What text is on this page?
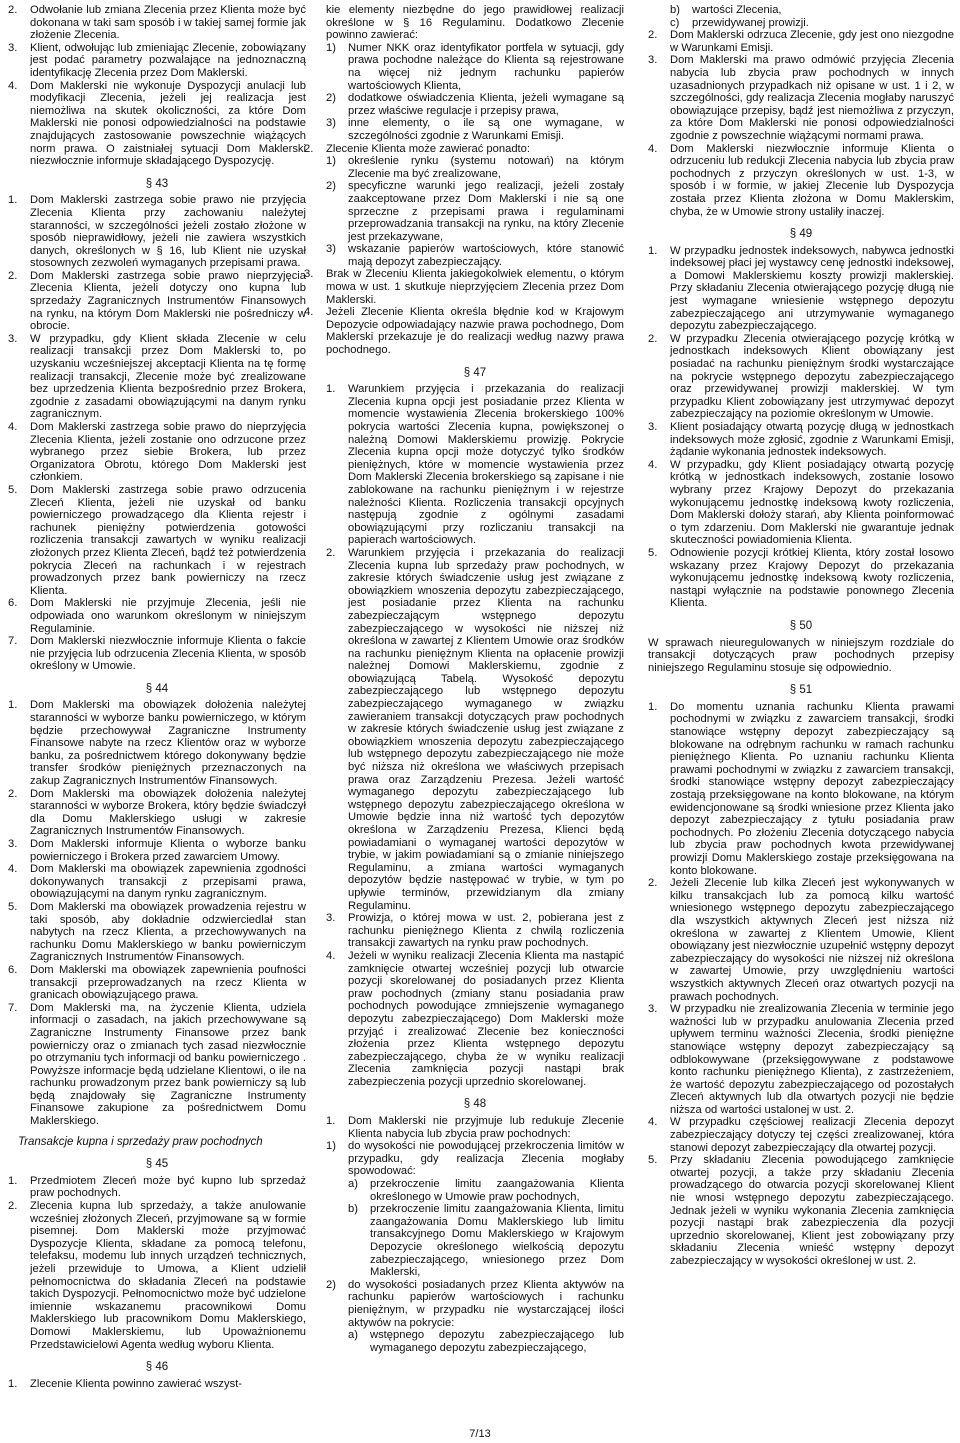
2. Odwołanie lub zmiana Zlecenia przez Klienta może być dokonana w taki sam sposób i w takiej samej formie jak złożenie Zlecenia.

3. Klient, odwołując lub zmieniając Zlecenie, zobowiązany jest podać parametry pozwalające na jednoznaczną identyfikację Zlecenia przez Dom Maklerski.

4. Dom Maklerski nie wykonuje Dyspozycji anulacji lub modyfikacji Zlecenia, jeżeli jej realizacja jest niemożliwa na skutek okoliczności, za które Dom Maklerski nie ponosi odpowiedzialności na podstawie znajdujących zastosowanie powszechnie wiążących norm prawa. O zaistniałej sytuacji Dom Maklerski niezwłocznie informuje składającego Dyspozycję.

§ 43

1. Dom Maklerski zastrzega sobie prawo nie przyjęcia Zlecenia Klienta przy zachowaniu należytej staranności, w szczególności jeżeli zostało złożone w sposób nieprawidłowy, jeżeli nie zawiera wszystkich danych, określonych w § 16, lub Klient nie uzyskał stosownych zezwoleń wymaganych przepisami prawa.

2. Dom Maklerski zastrzega sobie prawo nieprzyjęcia Zlecenia Klienta, jeżeli dotyczy ono kupna lub sprzedaży Zagranicznych Instrumentów Finansowych na rynku, na którym Dom Maklerski nie pośredniczy w obrocie.

3. W przypadku, gdy Klient składa Zlecenie w celu realizacji transakcji przez Dom Maklerski to, po uzyskaniu wcześniejszej akceptacji Klienta na tę formę realizacji transakcji, Zlecenie może być zrealizowane bez uprzedzenia Klienta bezpośrednio przez Brokera, zgodnie z zasadami obowiązującymi na danym rynku zagranicznym.

4. Dom Maklerski zastrzega sobie prawo do nieprzyjęcia Zlecenia Klienta, jeżeli zostanie ono odrzucone przez wybranego przez siebie Brokera, lub przez Organizatora Obrotu, którego Dom Maklerski jest członkiem.

5. Dom Maklerski zastrzega sobie prawo odrzucenia Zleceń Klienta, jeżeli nie uzyskał od banku powierniczego prowadzącego dla Klienta rejestr i rachunek pieniężny potwierdzenia gotowości rozliczenia transakcji zawartych w wyniku realizacji złożonych przez Klienta Zleceń, bądź też potwierdzenia pokrycia Zleceń na rachunkach i w rejestrach prowadzonych przez bank powierniczy na rzecz Klienta.

6. Dom Maklerski nie przyjmuje Zlecenia, jeśli nie odpowiada ono warunkom określonym w niniejszym Regulaminie.

7. Dom Maklerski niezwłocznie informuje Klienta o fakcie nie przyjęcia lub odrzucenia Zlecenia Klienta, w sposób określony w Umowie.

§ 44

1. Dom Maklerski ma obowiązek dołożenia należytej staranności w wyborze banku powierniczego, w którym będzie przechowywał Zagraniczne Instrumenty Finansowe nabyte na rzecz Klientów oraz w wyborze banku, za pośrednictwem którego dokonywany będzie transfer środków pieniężnych przeznaczonych na zakup Zagranicznych Instrumentów Finansowych.

2. Dom Maklerski ma obowiązek dołożenia należytej staranności w wyborze Brokera, który będzie świadczył dla Domu Maklerskiego usługi w zakresie Zagranicznych Instrumentów Finansowych.

3. Dom Maklerski informuje Klienta o wyborze banku powierniczego i Brokera przed zawarciem Umowy.

4. Dom Maklerski ma obowiązek zapewnienia zgodności dokonywanych transakcji z przepisami prawa, obowiązującymi na danym rynku zagranicznym.

5. Dom Maklerski ma obowiązek prowadzenia rejestru w taki sposób, aby dokładnie odzwierciedlał stan nabytych na rzecz Klienta, a przechowywanych na rachunku Domu Maklerskiego w banku powierniczym Zagranicznych Instrumentów Finansowych.

6. Dom Maklerski ma obowiązek zapewnienia poufności transakcji przeprowadzanych na rzecz Klienta w granicach obowiązującego prawa.

7. Dom Maklerski ma, na życzenie Klienta, udziela informacji o zasadach, na jakich przechowywane są Zagraniczne Instrumenty Finansowe przez bank powierniczy oraz o zmianach tych zasad niezwłocznie po otrzymaniu tych informacji od banku powierniczego . Powyższe informacje będą udzielane Klientowi, o ile na rachunku prowadzonym przez bank powierniczy są lub będą znajdowały się Zagraniczne Instrumenty Finansowe zakupione za pośrednictwem Domu Maklerskiego.

Transakcje kupna i sprzedaży praw pochodnych
§ 45

1. Przedmiotem Zleceń może być kupno lub sprzedaż praw pochodnych.

2. Zlecenia kupna lub sprzedaży, a także anulowanie wcześniej złożonych Zleceń, przyjmowane są w formie pisemnej. Dom Maklerski może przyjmować Dyspozycje Klienta, składane za pomocą telefonu, telefaksu, modemu lub innych urządzeń technicznych, jeżeli przewiduje to Umowa, a Klient udzielił pełnomocnictwa do składania Zleceń na podstawie takich Dyspozycji. Pełnomocnictwo może być udzielone imiennie wskazanemu pracownikowi Domu Maklerskiego lub pracownikom Domu Maklerskiego, Domowi Maklerskiemu, lub Upoważnionemu Przedstawicielowi Agenta według wyboru Klienta.

§ 46

1. Zlecenie Klienta powinno zawierać wszyst-

kie elementy niezbędne do jego prawidłowej realizacji określone w § 16 Regulaminu. Dodatkowo Zlecenie powinno zawierać:

1) Numer NKK oraz identyfikator portfela w sytuacji, gdy prawa pochodne należące do Klienta są rejestrowane na więcej niż jednym rachunku papierów wartościowych Klienta,

2) dodatkowe oświadczenia Klienta, jeżeli wymagane są przez właściwe regulacje i przepisy prawa,

3) inne elementy, o ile są one wymagane, w szczególności zgodnie z Warunkami Emisji.

2. Zlecenie Klienta może zawierać ponadto:

1) określenie rynku (systemu notowań) na którym Zlecenie ma być zrealizowane,

2) specyficzne warunki jego realizacji, jeżeli zostały zaakceptowane przez Dom Maklerski i nie są one sprzeczne z przepisami prawa i regulaminami przeprowadzania transakcji na rynku, na który Zlecenie jest przekazywane,

3) wskazanie papierów wartościowych, które stanowić mają depozyt zabezpieczający.

3. Brak w Zleceniu Klienta jakiegokolwiek elementu, o którym mowa w ust. 1 skutkuje nieprzyjęciem Zlecenia przez Dom Maklerski.

4. Jeżeli Zlecenie Klienta określa błędnie kod w Krajowym Depozycie odpowiadający nazwie prawa pochodnego, Dom Maklerski przekazuje je do realizacji według nazwy prawa pochodnego.

§ 47

1. Warunkiem przyjęcia i przekazania do realizacji Zlecenia kupna opcji jest posiadanie przez Klienta w momencie wystawienia Zlecenia brokerskiego 100% pokrycia wartości Zlecenia kupna, powiększonej o należną Domowi Maklerskiemu prowizję. Pokrycie Zlecenia kupna opcji może dotyczyć tylko środków pieniężnych, które w momencie wystawienia przez Dom Maklerski Zlecenia brokerskiego są zapisane i nie zablokowane na rachunku pieniężnym i w rejestrze należności Klienta. Rozliczenia transakcji opcyjnych następują zgodnie z ogólnymi zasadami obowiązującymi przy rozliczaniu transakcji na papierach wartościowych.

2. Warunkiem przyjęcia i przekazania do realizacji Zlecenia kupna lub sprzedaży praw pochodnych, w zakresie których świadczenie usług jest związane z obowiązkiem wnoszenia depozytu zabezpieczającego, jest posiadanie przez Klienta na rachunku zabezpieczającym wstępnego depozytu zabezpieczającego w wysokości nie niższej niż określona w zawartej z Klientem Umowie oraz środków na rachunku pieniężnym Klienta na opłacenie prowizji należnej Domowi Maklerskiemu, zgodnie z obowiązującą Tabelą. Wysokość depozytu zabezpieczającego lub wstępnego depozytu zabezpieczającego wymaganego w związku zawieraniem transakcji dotyczących praw pochodnych w zakresie których świadczenie usług jest związane z obowiązkiem wnoszenia depozytu zabezpieczającego lub wstępnego depozytu zabezpieczającego nie może być niższa niż określona we właściwych przepisach prawa oraz Zarządzeniu Prezesa. Jeżeli wartość wymaganego depozytu zabezpieczającego lub wstępnego depozytu zabezpieczającego określona w Umowie będzie inna niż wartość tych depozytów określona w Zarządzeniu Prezesa, Klienci będą powiadamiani o wymaganej wartości depozytów w trybie, w jakim powiadamiani są o zmianie niniejszego Regulaminu, a zmiana wartości wymaganych depozytów będzie następować w trybie, w tym po upływie terminów, przewidzianym dla zmiany Regulaminu.

3. Prowizja, o której mowa w ust. 2, pobierana jest z rachunku pieniężnego Klienta z chwilą rozliczenia transakcji zawartych na rynku praw pochodnych.

4. Jeżeli w wyniku realizacji Zlecenia Klienta ma nastąpić zamknięcie otwartej wcześniej pozycji lub otwarcie pozycji skorelowanej do posiadanych przez Klienta praw pochodnych (zmiany stanu posiadania praw pochodnych powodujące zmniejszenie wymaganego depozytu zabezpieczającego) Dom Maklerski może przyjąć i zrealizować Zlecenie bez konieczności złożenia przez Klienta wstępnego depozytu zabezpieczającego, chyba że w wyniku realizacji Zlecenia zamknięcia pozycji nastąpi brak zabezpieczenia pozycji uprzednio skorelowanej.

§ 48

1. Dom Maklerski nie przyjmuje lub redukuje Zlecenie Klienta nabycia lub zbycia praw pochodnych:

1) do wysokości nie powodującej przekroczenia limitów w przypadku, gdy realizacja Zlecenia mogłaby spowodować:

a) przekroczenie limitu zaangażowania Klienta określonego w Umowie praw pochodnych,

b) przekroczenie limitu zaangażowania Klienta, limitu zaangażowania Domu Maklerskiego lub limitu transakcyjnego Domu Maklerskiego w Krajowym Depozycie określonego wielkością depozytu zabezpieczającego, wniesionego przez Dom Maklerski,

2) do wysokości posiadanych przez Klienta aktywów na rachunku papierów wartościowych i rachunku pieniężnym, w przypadku nie wystarczającej ilości aktywów na pokrycie:

a) wstępnego depozytu zabezpieczającego lub wymaganego depozytu zabezpieczającego,

b) wartości Zlecenia,

c) przewidywanej prowizji.

2. Dom Maklerski odrzuca Zlecenie, gdy jest ono niezgodne w Warunkami Emisji.

3. Dom Maklerski ma prawo odmówić przyjęcia Zlecenia nabycia lub zbycia praw pochodnych w innych uzasadnionych przypadkach niż opisane w ust. 1 i 2, w szczególności, gdy realizacja Zlecenia mogłaby naruszyć obowiązujące przepisy, bądź jest niemożliwa z przyczyn, za które Dom Maklerski nie ponosi odpowiedzialności zgodnie z powszechnie wiążącymi normami prawa.

4. Dom Maklerski niezwłocznie informuje Klienta o odrzuceniu lub redukcji Zlecenia nabycia lub zbycia praw pochodnych z przyczyn określonych w ust. 1-3, w sposób i w formie, w jakiej Zlecenie lub Dyspozycja została przez Klienta złożona w Domu Maklerskim, chyba, że w Umowie strony ustaliły inaczej.

§ 49

1. W przypadku jednostek indeksowych, nabywca jednostki indeksowej płaci jej wystawcy cenę jednostki indeksowej, a Domowi Maklerskiemu koszty prowizji maklerskiej. Przy składaniu Zlecenia otwierającego pozycję długą nie jest wymagane wniesienie wstępnego depozytu zabezpieczającego ani utrzymywanie wymaganego depozytu zabezpieczającego.

2. W przypadku Zlecenia otwierającego pozycję krótką w jednostkach indeksowych Klient obowiązany jest posiadać na rachunku pieniężnym środki wystarczające na pokrycie wstępnego depozytu zabezpieczającego oraz przewidywanej prowizji maklerskiej. W tym przypadku Klient zobowiązany jest utrzymywać depozyt zabezpieczający na poziomie określonym w Umowie.

3. Klient posiadający otwartą pozycję długą w jednostkach indeksowych może zgłosić, zgodnie z Warunkami Emisji, żądanie wykonania jednostek indeksowych.

4. W przypadku, gdy Klient posiadający otwartą pozycję krótką w jednostkach indeksowych, zostanie losowo wybrany przez Krajowy Depozyt do przekazania wykonującemu jednostkę indeksową kwoty rozliczenia, Dom Maklerski dołoży starań, aby Klienta poinformować o tym zdarzeniu. Dom Maklerski nie gwarantuje jednak skuteczności powiadomienia Klienta.

5. Odnowienie pozycji krótkiej Klienta, który został losowo wskazany przez Krajowy Depozyt do przekazania wykonującemu jednostkę indeksową kwoty rozliczenia, nastąpi wyłącznie na podstawie ponownego Zlecenia Klienta.

§ 50

W sprawach nieuregulowanych w niniejszym rozdziale do transakcji dotyczących praw pochodnych przepisy niniejszego Regulaminu stosuje się odpowiednio.

§ 51

1. Do momentu uznania rachunku Klienta prawami pochodnymi w związku z zawarciem transakcji, środki stanowiące wstępny depozyt zabezpieczający są blokowane na odrębnym rachunku w ramach rachunku pieniężnego Klienta. Po uznaniu rachunku Klienta prawami pochodnymi w związku z zawarciem transakcji, środki stanowiące wstępny depozyt zabezpieczający zostają przeksięgowane na konto blokowane, na którym ewidencjonowane są środki wniesione przez Klienta jako depozyt zabezpieczający z tytułu posiadania praw pochodnych. Po złożeniu Zlecenia dotyczącego nabycia lub zbycia praw pochodnych kwota przewidywanej prowizji Domu Maklerskiego zostaje przeksięgowana na konto blokowane.

2. Jeżeli Zlecenie lub kilka Zleceń jest wykonywanych w kilku transakcjach lub za pomocą kilku wartość wniesionego wstępnego depozytu zabezpieczającego dla wszystkich aktywnych Zleceń jest niższa niż określona w zawartej z Klientem Umowie, Klient obowiązany jest niezwłocznie uzupełnić wstępny depozyt zabezpieczający do wysokości nie niższej niż określona w zawartej Umowie, przy uwzględnieniu wartości wszystkich aktywnych Zleceń oraz otwartych pozycji na prawach pochodnych.

3. W przypadku nie zrealizowania Zlecenia w terminie jego ważności lub w przypadku anulowania Zlecenia przed upływem terminu ważności Zlecenia, środki pieniężne stanowiące wstępny depozyt zabezpieczający są odblokowywane (przeksięgowywane z podstawowe konto rachunku pieniężnego Klienta), z zastrzeżeniem, że wartość depozytu zabezpieczającego od pozostałych Zleceń aktywnych lub dla otwartych pozycji nie będzie niższa od wartości ustalonej w ust. 2.

4. W przypadku częściowej realizacji Zlecenia depozyt zabezpieczający dotyczy tej części zrealizowanej, która stanowi depozyt zabezpieczający dla otwartej pozycji.

5. Przy składaniu Zlecenia powodującego zamknięcie otwartej pozycji, a także przy składaniu Zlecenia prowadzącego do otwarcia pozycji skorelowanej Klient nie wnosi wstępnego depozytu zabezpieczającego. Jednak jeżeli w wyniku wykonania Zlecenia zamknięcia pozycji nastąpi brak zabezpieczenia dla pozycji uprzednio skorelowanej, Klient jest zobowiązany przy składaniu Zlecenia wnieść wstępny depozyt zabezpieczający w wysokości określonej w ust. 2.

7/13
